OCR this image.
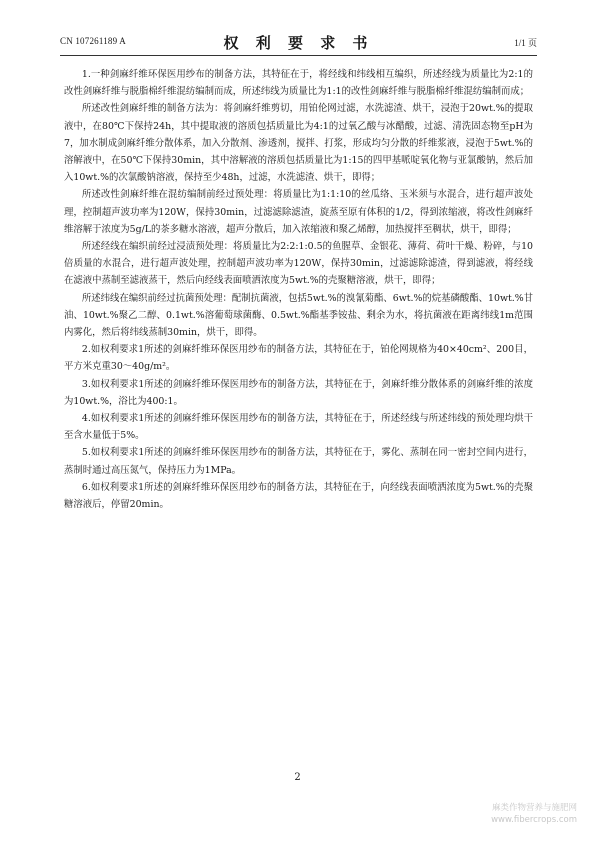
CN 107261189 A	权 利 要 求 书	1/1 页

1.一种剑麻纤维环保医用纱布的制备方法，其特征在于，将经线和纬线相互编织，所述经线为质量比为2:1的改性剑麻纤维与脱脂棉纤维混纺编制而成，所述纬线为质量比为1:1的改性剑麻纤维与脱脂棉纤维混纺编制而成；

所述改性剑麻纤维的制备方法为：将剑麻纤维剪切，用铂伦网过滤，水洗滤渣、烘干，浸泡于20wt.%的提取液中，在80℃下保持24h，其中提取液的溶质包括质量比为4:1的过氧乙酸与冰醋酸，过滤、清洗固态物至pH为7，加水制成剑麻纤维分散体系，加入分散剂、渗透剂，搅拌、打浆，形成均匀分散的纤维浆液，浸泡于5wt.%的溶解液中，在50℃下保持30min，其中溶解液的溶质包括质量比为1:15的四甲基哌啶氧化物与亚氯酸钠，然后加入10wt.%的次氯酸钠溶液，保持至少48h，过滤，水洗滤渣、烘干，即得；

所述改性剑麻纤维在混纺编制前经过预处理：将质量比为1:1:10的丝瓜络、玉米须与水混合，进行超声波处理，控制超声波功率为120W，保持30min，过滤滤除滤渣，旋蒸至原有体积的1/2，得到浓缩液，将改性剑麻纤维溶解于浓度为5g/L的茶多糖水溶液，超声分散后，加入浓缩液和聚乙烯醇，加热搅拌至稠状，烘干，即得；

所述经线在编织前经过浸渍预处理：将质量比为2:2:1:0.5的鱼腥草、金银花、薄荷、荷叶干燥、粉碎，与10倍质量的水混合，进行超声波处理，控制超声波功率为120W，保持30min，过滤滤除滤渣，得到滤液，将经线在滤液中蒸制至滤液蒸干，然后向经线表面喷洒浓度为5wt.%的壳聚糖溶液，烘干，即得；

所述纬线在编织前经过抗菌预处理：配制抗菌液，包括5wt.%的溴氰菊酯、6wt.%的烷基磷酸酯、10wt.%甘油、10wt.%聚乙二醇、0.1wt.%溶葡萄球菌酶、0.5wt.%酯基季铵盐、剩余为水，将抗菌液在距离纬线1m范围内雾化，然后将纬线蒸制30min，烘干，即得。

2.如权利要求1所述的剑麻纤维环保医用纱布的制备方法，其特征在于，铂伦网规格为40×40cm²、200目，平方米克重30～40g/m²。

3.如权利要求1所述的剑麻纤维环保医用纱布的制备方法，其特征在于，剑麻纤维分散体系的剑麻纤维的浓度为10wt.%，浴比为400:1。

4.如权利要求1所述的剑麻纤维环保医用纱布的制备方法，其特征在于，所述经线与所述纬线的预处理均烘干至含水量低于5%。

5.如权利要求1所述的剑麻纤维环保医用纱布的制备方法，其特征在于，雾化、蒸制在同一密封空间内进行，蒸制时通过高压氮气，保持压力为1MPa。

6.如权利要求1所述的剑麻纤维环保医用纱布的制备方法，其特征在于，向经线表面喷洒浓度为5wt.%的壳聚糖溶液后，停留20min。

2
麻类作物营养与施肥网
www.fibercrops.com
